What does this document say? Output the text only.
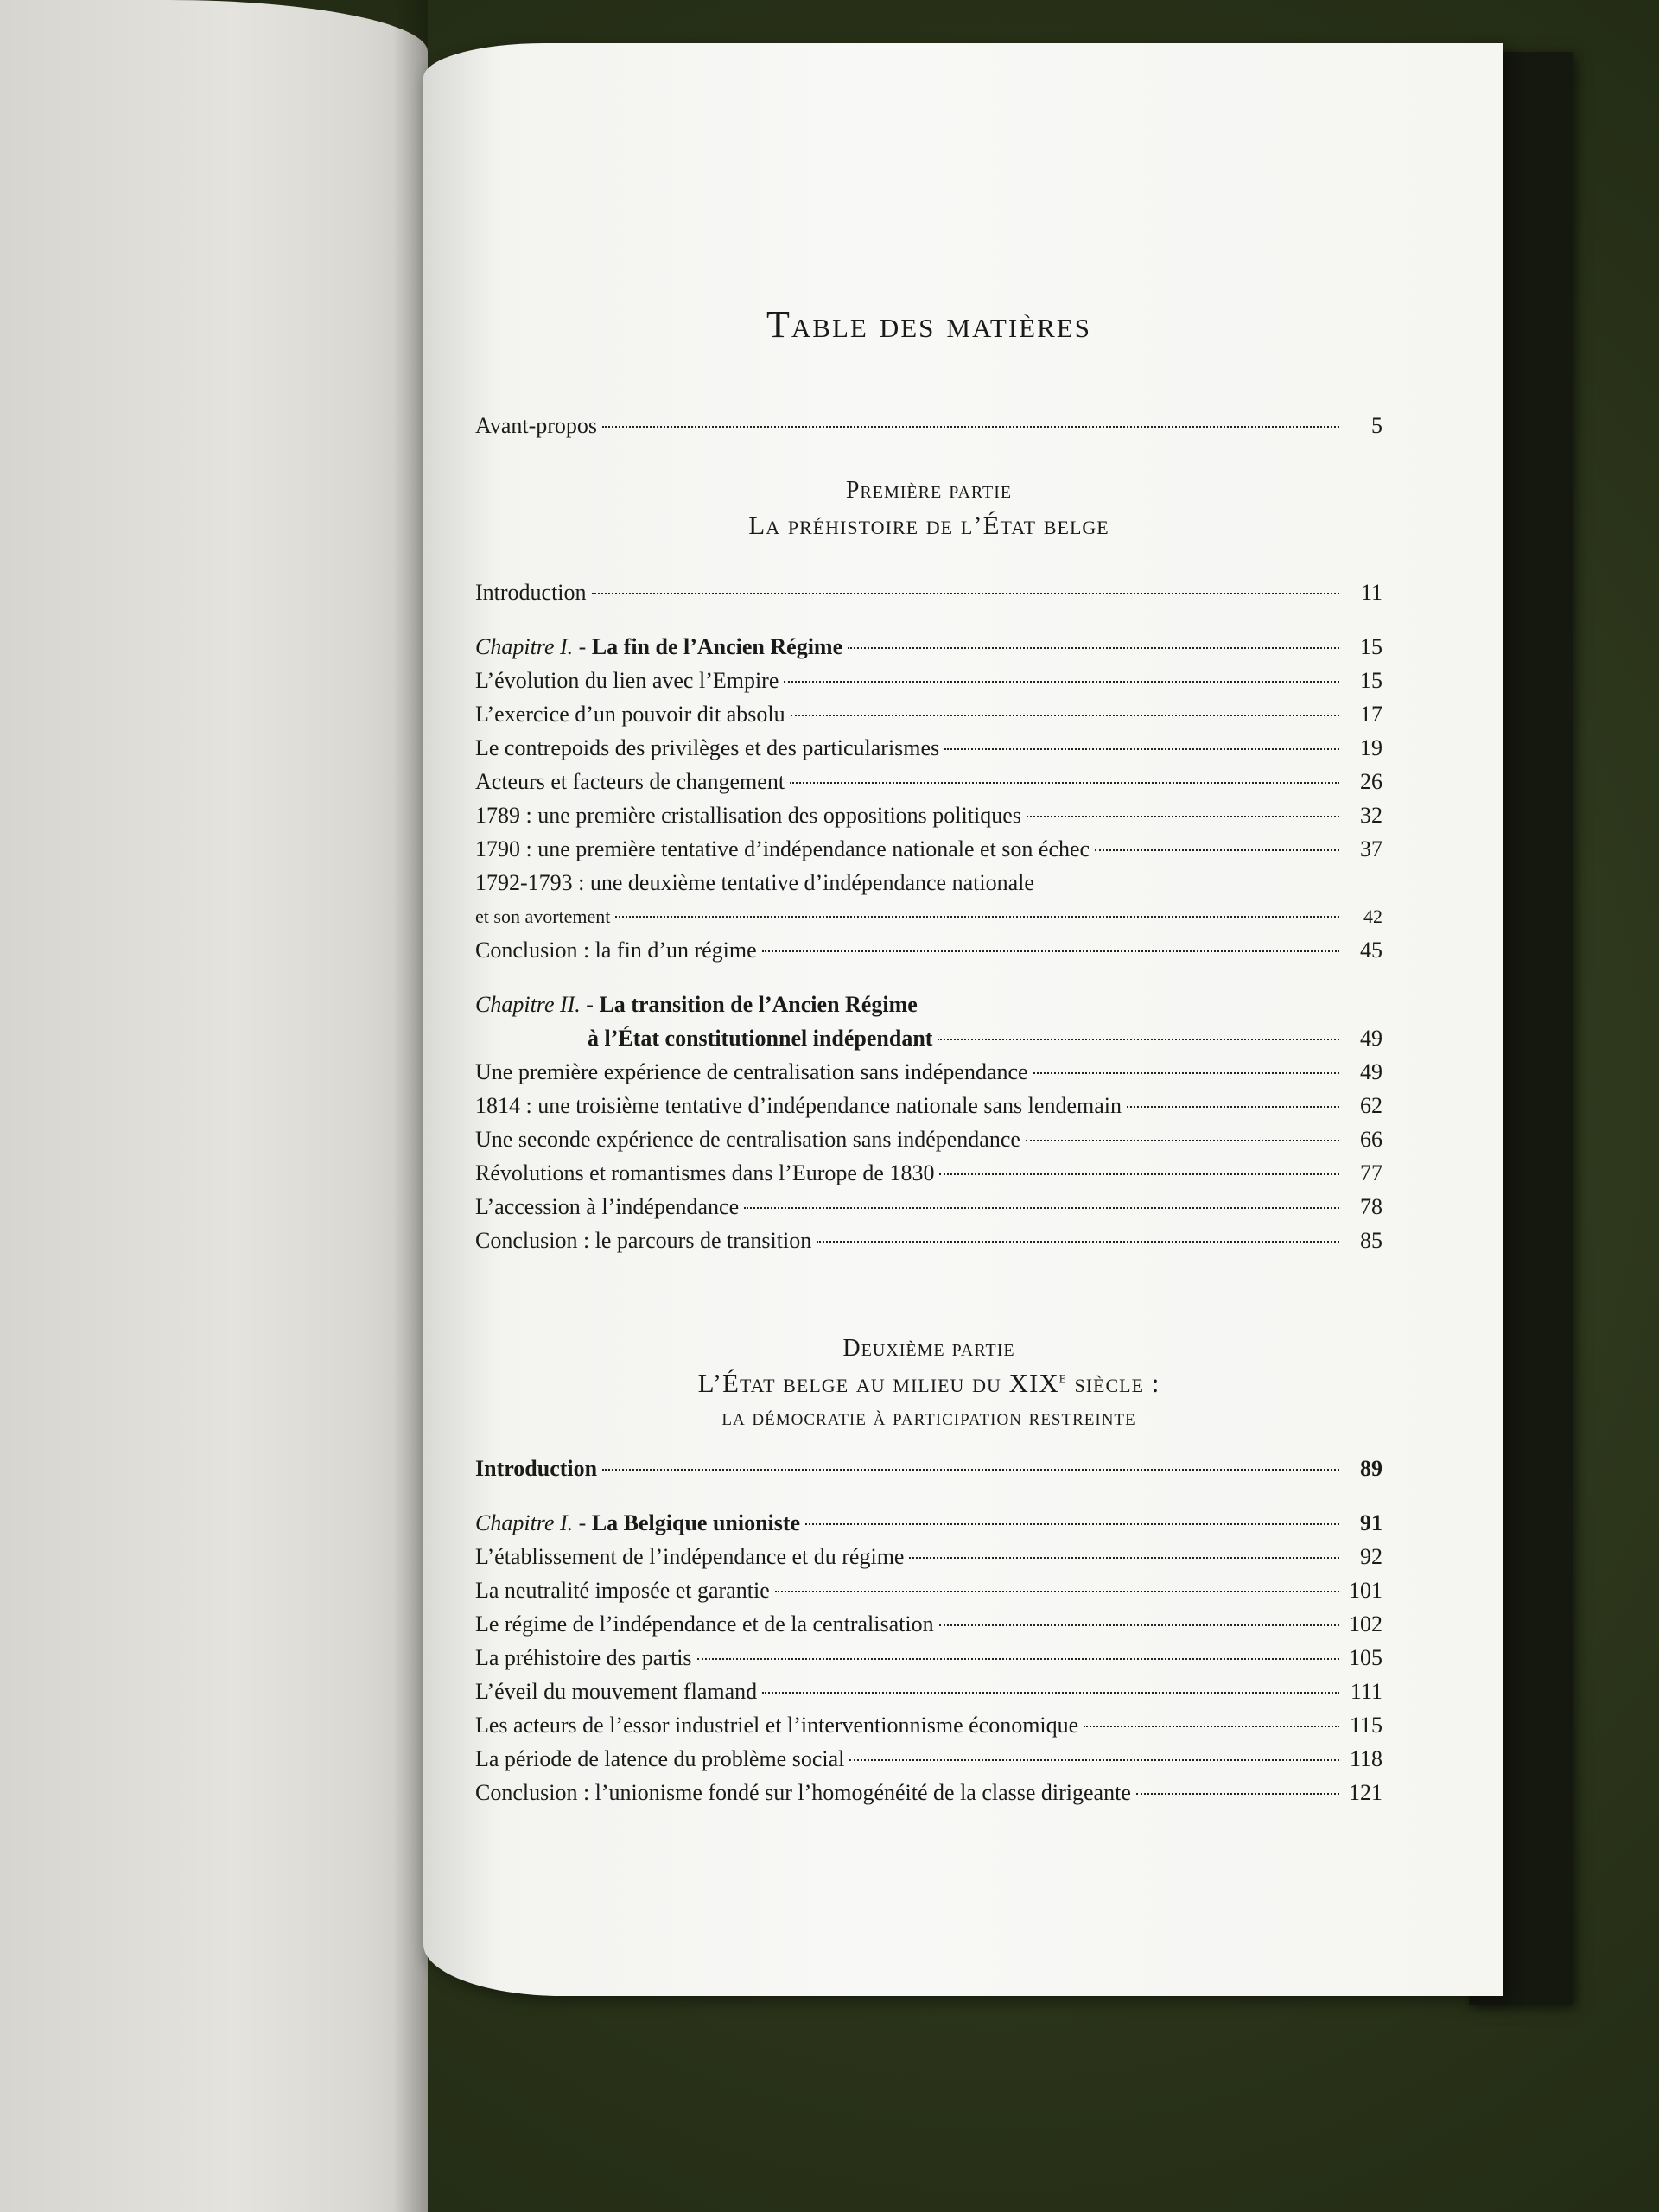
Table des matières
Avant-propos	5
Première partie
La préhistoire de l’État belge
Introduction	11
Chapitre I. - La fin de l’Ancien Régime	15
L’évolution du lien avec l’Empire	15
L’exercice d’un pouvoir dit absolu	17
Le contrepoids des privilèges et des particularismes	19
Acteurs et facteurs de changement	26
1789 : une première cristallisation des oppositions politiques	32
1790 : une première tentative d’indépendance nationale et son échec	37
1792-1793 : une deuxième tentative d’indépendance nationale
et son avortement	42
Conclusion : la fin d’un régime	45
Chapitre II. - La transition de l’Ancien Régime
à l’État constitutionnel indépendant	49
Une première expérience de centralisation sans indépendance	49
1814 : une troisième tentative d’indépendance nationale sans lendemain	62
Une seconde expérience de centralisation sans indépendance	66
Révolutions et romantismes dans l’Europe de 1830	77
L’accession à l’indépendance	78
Conclusion : le parcours de transition	85
Deuxième partie
L’État belge au milieu du XIXe siècle :
la démocratie à participation restreinte
Introduction	89
Chapitre I. - La Belgique unioniste	91
L’établissement de l’indépendance et du régime	92
La neutralité imposée et garantie	101
Le régime de l’indépendance et de la centralisation	102
La préhistoire des partis	105
L’éveil du mouvement flamand	111
Les acteurs de l’essor industriel et l’interventionnisme économique	115
La période de latence du problème social	118
Conclusion : l’unionisme fondé sur l’homogénéité de la classe dirigeante	121
